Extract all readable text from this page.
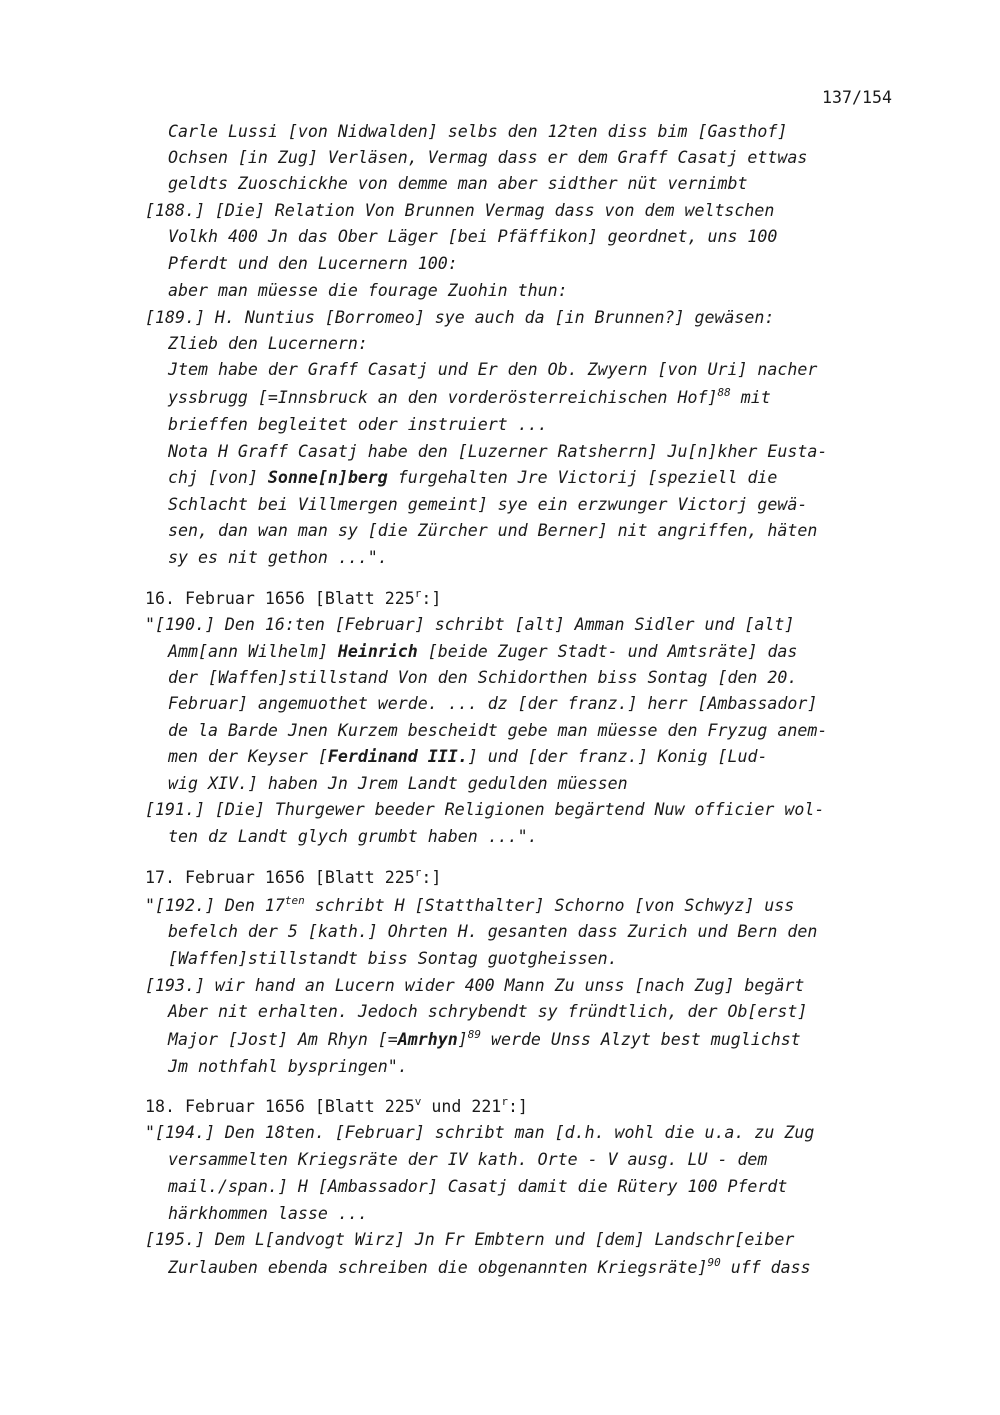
137/154
Carle Lussi [von Nidwalden] selbs den 12ten diss bim [Gasthof]
Ochsen [in Zug] Verläsen, Vermag dass er dem Graff Casatj ettwas
geldts Zuoschickhe von demme man aber sidther nüt vernimbt
[188.] [Die] Relation Von Brunnen Vermag dass von dem weltschen
Volkh 400 Jn das Ober Läger [bei Pfäffikon] geordnet, uns 100
Pferdt und den Lucernern 100:
aber man müesse die fourage Zuohin thun:
[189.] H. Nuntius [Borromeo] sye auch da [in Brunnen?] gewäsen:
Zlieb den Lucernern:
Jtem habe der Graff Casatj und Er den Ob. Zwyern [von Uri] nacher
yssbrugg [=Innsbruck an den vorderösterreichischen Hof]$^{88}$ mit
brieffen begleitet oder instruiert ...
Nota H Graff Casatj habe den [Luzerner Ratsherrn] Ju[n]kher Eusta-
chj [von] Sonne[n]berg furgehalten Jre Victorij [speziell die
Schlacht bei Villmergen gemeint] sye ein erzwunger Victorj gewä-
sen, dan wan man sy [die Zürcher und Berner] nit angriffen, häten
sy es nit gethon ...".
16. Februar 1656 [Blatt 225$^r$:]
"[190.] Den 16:ten [Februar] schribt [alt] Amman Sidler und [alt]
Amm[ann Wilhelm] Heinrich [beide Zuger Stadt- und Amtsräte] das
der [Waffen]stillstand Von den Schidorthen biss Sontag [den 20.
Februar] angemuothet werde. ... dz [der franz.] herr [Ambassador]
de la Barde Jnen Kurzem bescheidt gebe man müesse den Fryzug anem-
men der Keyser [Ferdinand III.] und [der franz.] Konig [Lud-
wig XIV.] haben Jn Jrem Landt gedulden müessen
[191.] [Die] Thurgewer beeder Religionen begärtend Nuw officier wol-
ten dz Landt glych grumbt haben ...".
17. Februar 1656 [Blatt 225$^r$:]
"[192.] Den $17^{ten}$ schribt H [Statthalter] Schorno [von Schwyz] uss
befelch der 5 [kath.] Ohrten H. gesanten dass Zurich und Bern den
[Waffen]stillstandt biss Sontag guotgheissen.
[193.] wir hand an Lucern wider 400 Mann Zu unss [nach Zug] begärt
Aber nit erhalten. Jedoch schrybendt sy fründtlich, der Ob[erst]
Major [Jost] Am Rhyn [=Amrhyn]$^{89}$ werde Unss Alzyt best muglichst
Jm nothfahl byspringen".
18. Februar 1656 [Blatt 225$^v$ und 221$^r$:]
"[194.] Den 18ten. [Februar] schribt man [d.h. wohl die u.a. zu Zug
versammelten Kriegsräte der IV kath. Orte - V ausg. LU - dem
mail./span.] H [Ambassador] Casatj damit die Rütery 100 Pferdt
härkhommen lasse ...
[195.] Dem L[andvogt Wirz] Jn Fr Embtern und [dem] Landschr[eiber
Zurlauben ebenda schreiben die obgenannten Kriegsräte]$^{90}$ uff dass
